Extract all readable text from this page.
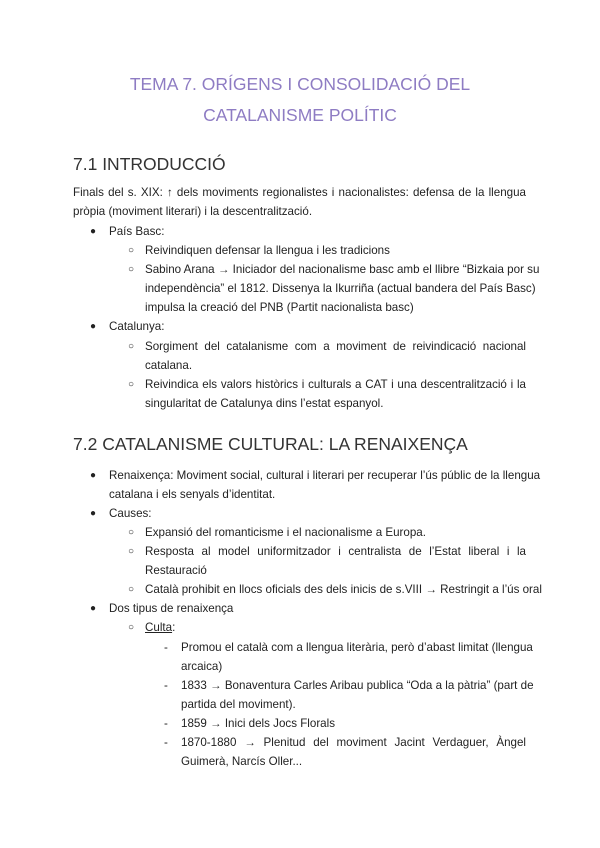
TEMA 7. ORÍGENS I CONSOLIDACIÓ DEL
CATALANISME POLÍTIC
7.1 INTRODUCCIÓ
Finals del s. XIX: ↑ dels moviments regionalistes i nacionalistes: defensa de la llengua
pròpia (moviment literari) i la descentralització.
● País Basc:
○ Reivindiquen defensar la llengua i les tradicions
○ Sabino Arana → Iniciador del nacionalisme basc amb el llibre “Bizkaia por su
independència” el 1812. Dissenya la Ikurriña (actual bandera del País Basc)
impulsa la creació del PNB (Partit nacionalista basc)
● Catalunya:
○ Sorgiment del catalanisme com a moviment de reivindicació nacional
catalana.
○ Reivindica els valors històrics i culturals a CAT i una descentralització i la
singularitat de Catalunya dins l’estat espanyol.
7.2 CATALANISME CULTURAL: LA RENAIXENÇA
● Renaixença: Moviment social, cultural i literari per recuperar l’ús públic de la llengua
catalana i els senyals d’identitat.
● Causes:
○ Expansió del romanticisme i el nacionalisme a Europa.
○ Resposta al model uniformitzador i centralista de l’Estat liberal i la
Restauració
○ Català prohibit en llocs oficials des dels inicis de s.VIII → Restringit a l’ús oral
● Dos tipus de renaixença
○ Culta:
- Promou el català com a llengua literària, però d’abast limitat (llengua
arcaica)
- 1833 → Bonaventura Carles Aribau publica “Oda a la pàtria” (part de
partida del moviment).
- 1859 → Inici dels Jocs Florals
- 1870-1880 → Plenitud del moviment Jacint Verdaguer, Àngel
Guimerà, Narcís Oller...
